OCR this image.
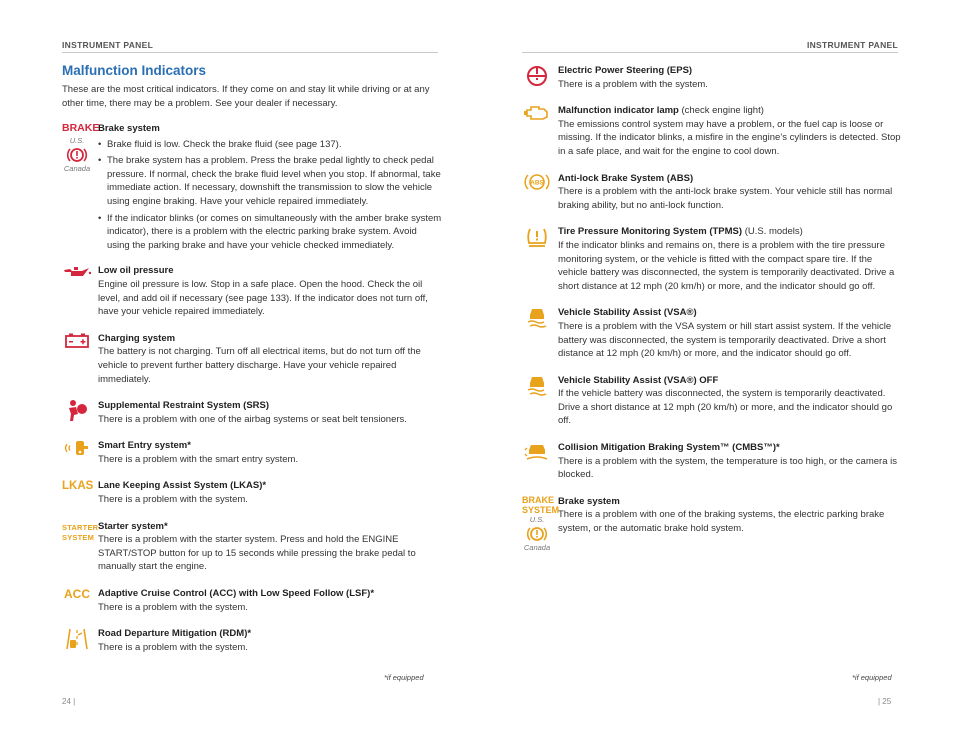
INSTRUMENT PANEL	INSTRUMENT PANEL
Malfunction Indicators

These are the most critical indicators. If they come on and stay lit while driving or at any other time, there may be a problem. See your dealer if necessary.

BRAKE
U.S.
Canada
Brake system
• Brake fluid is low. Check the brake fluid (see page 137).
• The brake system has a problem. Press the brake pedal lightly to check pedal pressure. If normal, check the brake fluid level when you stop. If abnormal, take immediate action. If necessary, downshift the transmission to slow the vehicle using engine braking. Have your vehicle repaired immediately.
• If the indicator blinks (or comes on simultaneously with the amber brake system indicator), there is a problem with the electric parking brake system. Avoid using the parking brake and have your vehicle checked immediately.
Low oil pressure
Engine oil pressure is low. Stop in a safe place. Open the hood. Check the oil level, and add oil if necessary (see page 133). If the indicator does not turn off, have your vehicle repaired immediately.
Charging system
The battery is not charging. Turn off all electrical items, but do not turn off the vehicle to prevent further battery discharge. Have your vehicle repaired immediately.
Supplemental Restraint System (SRS)
There is a problem with one of the airbag systems or seat belt tensioners.
Smart Entry system*
There is a problem with the smart entry system.
LKAS Lane Keeping Assist System (LKAS)*
There is a problem with the system.
STARTER
SYSTEM
Starter system*
There is a problem with the starter system. Press and hold the ENGINE START/STOP button for up to 15 seconds while pressing the brake pedal to manually start the engine.
ACC Adaptive Cruise Control (ACC) with Low Speed Follow (LSF)*
There is a problem with the system.
Road Departure Mitigation (RDM)*
There is a problem with the system.
Electric Power Steering (EPS)
There is a problem with the system.
Malfunction indicator lamp (check engine light)
The emissions control system may have a problem, or the fuel cap is loose or missing. If the indicator blinks, a misfire in the engine’s cylinders is detected. Stop in a safe place, and wait for the engine to cool down.
ABS Anti-lock Brake System (ABS)
There is a problem with the anti-lock brake system. Your vehicle still has normal braking ability, but no anti-lock function.
Tire Pressure Monitoring System (TPMS) (U.S. models)
If the indicator blinks and remains on, there is a problem with the tire pressure monitoring system, or the vehicle is fitted with the compact spare tire. If the vehicle battery was disconnected, the system is temporarily deactivated. Drive a short distance at 12 mph (20 km/h) or more, and the indicator should go off.
Vehicle Stability Assist (VSA®)
There is a problem with the VSA system or hill start assist system. If the vehicle battery was disconnected, the system is temporarily deactivated. Drive a short distance at 12 mph (20 km/h) or more, and the indicator should go off.
Vehicle Stability Assist (VSA®) OFF
If the vehicle battery was disconnected, the system is temporarily deactivated. Drive a short distance at 12 mph (20 km/h) or more, and the indicator should go off.
Collision Mitigation Braking System™ (CMBS™)*
There is a problem with the system, the temperature is too high, or the camera is blocked.
BRAKE
SYSTEM
U.S.
Canada
Brake system
There is a problem with one of the braking systems, the electric parking brake system, or the automatic brake hold system.
*if equipped	*if equipped
24 |	| 25
